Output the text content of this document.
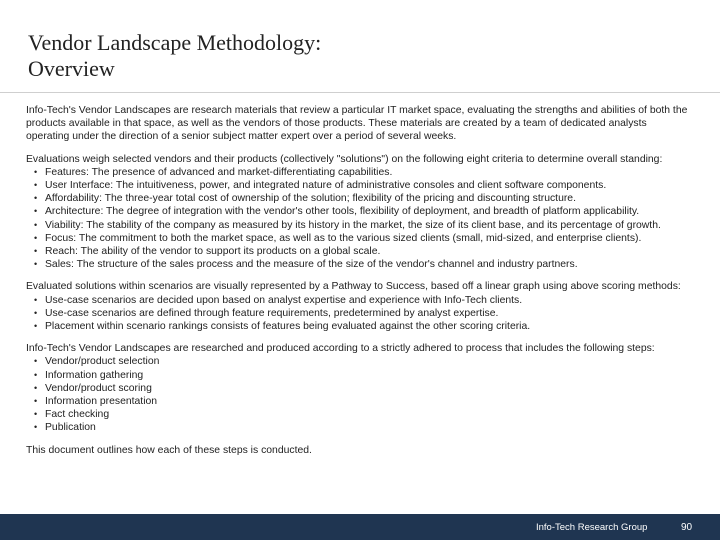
Vendor Landscape Methodology:
Overview

Info-Tech's Vendor Landscapes are research materials that review a particular IT market space, evaluating the strengths and abilities of both the products available in that space, as well as the vendors of those products. These materials are created by a team of dedicated analysts operating under the direction of a senior subject matter expert over a period of several weeks.

Evaluations weigh selected vendors and their products (collectively "solutions") on the following eight criteria to determine overall standing:

• Features: The presence of advanced and market-differentiating capabilities.
• User Interface: The intuitiveness, power, and integrated nature of administrative consoles and client software components.
• Affordability: The three-year total cost of ownership of the solution; flexibility of the pricing and discounting structure.
• Architecture: The degree of integration with the vendor's other tools, flexibility of deployment, and breadth of platform applicability.
• Viability: The stability of the company as measured by its history in the market, the size of its client base, and its percentage of growth.
• Focus: The commitment to both the market space, as well as to the various sized clients (small, mid-sized, and enterprise clients).
• Reach: The ability of the vendor to support its products on a global scale.
• Sales: The structure of the sales process and the measure of the size of the vendor's channel and industry partners.

Evaluated solutions within scenarios are visually represented by a Pathway to Success, based off a linear graph using above scoring methods:

• Use-case scenarios are decided upon based on analyst expertise and experience with Info-Tech clients.
• Use-case scenarios are defined through feature requirements, predetermined by analyst expertise.
• Placement within scenario rankings consists of features being evaluated against the other scoring criteria.

Info-Tech's Vendor Landscapes are researched and produced according to a strictly adhered to process that includes the following steps:

• Vendor/product selection
• Information gathering
• Vendor/product scoring
• Information presentation
• Fact checking
• Publication

This document outlines how each of these steps is conducted.

Info-Tech Research Group	90
